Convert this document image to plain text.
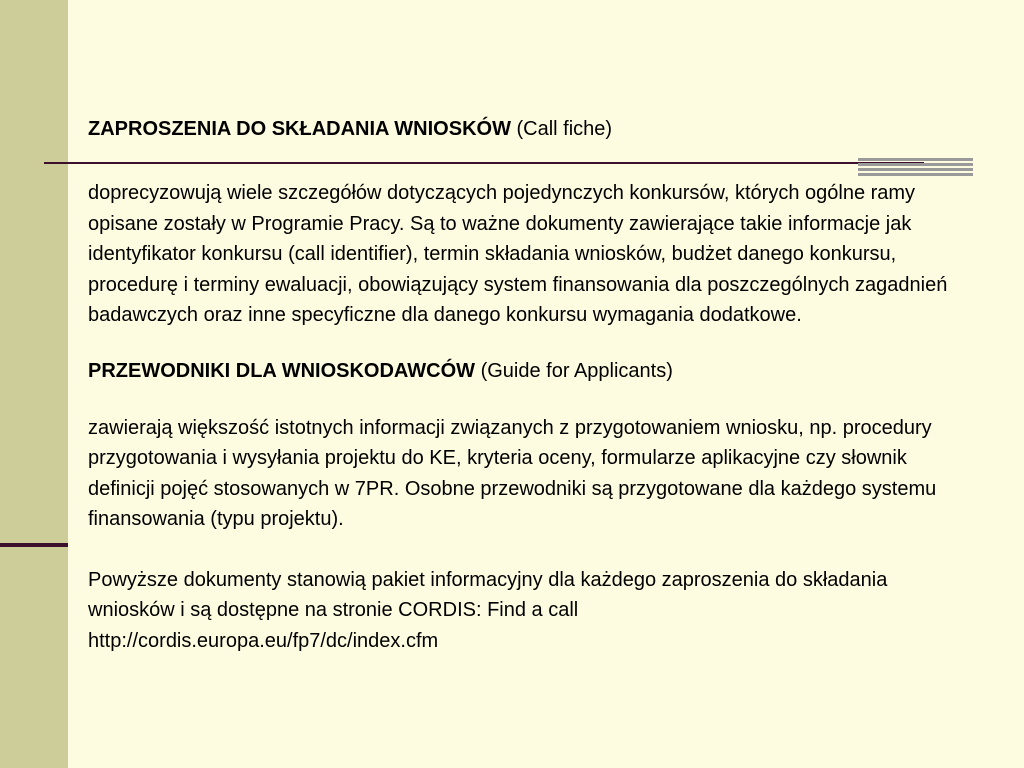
ZAPROSZENIA DO SKŁADANIA WNIOSKÓW (Call fiche)

doprecyzowują wiele szczegółów dotyczących pojedynczych konkursów, których ogólne ramy opisane zostały w Programie Pracy. Są to ważne dokumenty zawierające takie informacje jak identyfikator konkursu (call identifier), termin składania wniosków, budżet danego konkursu, procedurę i terminy ewaluacji, obowiązujący system finansowania dla poszczególnych zagadnień badawczych oraz inne specyficzne dla danego konkursu wymagania dodatkowe.

PRZEWODNIKI DLA WNIOSKODAWCÓW (Guide for Applicants)

zawierają większość istotnych informacji związanych z przygotowaniem wniosku, np. procedury przygotowania i wysyłania projektu do KE, kryteria oceny, formularze aplikacyjne czy słownik definicji pojęć stosowanych w 7PR. Osobne przewodniki są przygotowane dla każdego systemu finansowania (typu projektu).

Powyższe dokumenty stanowią pakiet informacyjny dla każdego zaproszenia do składania wniosków i są dostępne na stronie CORDIS: Find a call
http://cordis.europa.eu/fp7/dc/index.cfm
